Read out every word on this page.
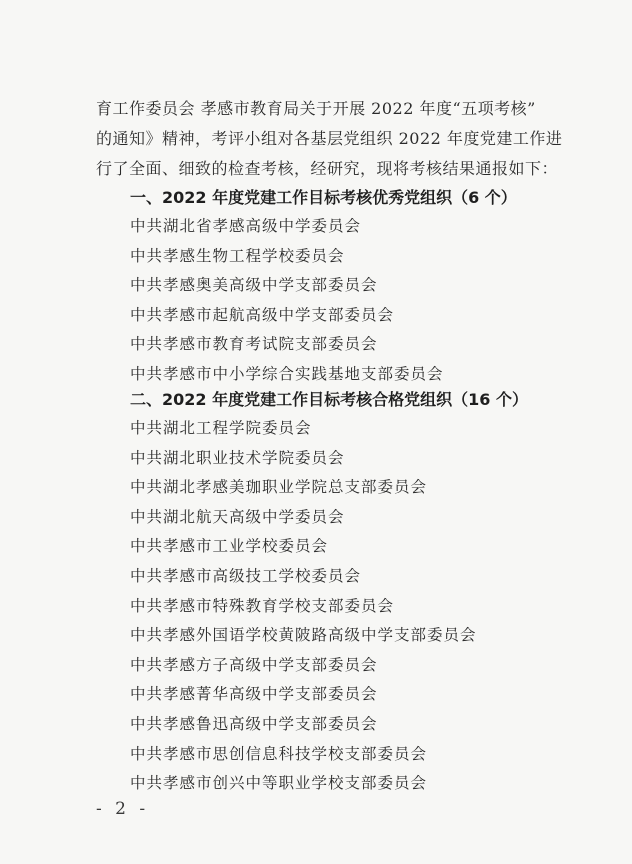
育工作委员会 孝感市教育局关于开展 2022 年度“五项考核”

的通知》精神，考评小组对各基层党组织 2022 年度党建工作进

行了全面、细致的检查考核，经研究，现将考核结果通报如下：

一、2022 年度党建工作目标考核优秀党组织（6 个）

中共湖北省孝感高级中学委员会
中共孝感生物工程学校委员会
中共孝感奥美高级中学支部委员会
中共孝感市起航高级中学支部委员会
中共孝感市教育考试院支部委员会
中共孝感市中小学综合实践基地支部委员会

二、2022 年度党建工作目标考核合格党组织（16 个）

中共湖北工程学院委员会
中共湖北职业技术学院委员会
中共湖北孝感美珈职业学院总支部委员会
中共湖北航天高级中学委员会
中共孝感市工业学校委员会
中共孝感市高级技工学校委员会
中共孝感市特殊教育学校支部委员会
中共孝感外国语学校黄陂路高级中学支部委员会
中共孝感方子高级中学支部委员会
中共孝感菁华高级中学支部委员会
中共孝感鲁迅高级中学支部委员会
中共孝感市思创信息科技学校支部委员会
中共孝感市创兴中等职业学校支部委员会
- 2 -
